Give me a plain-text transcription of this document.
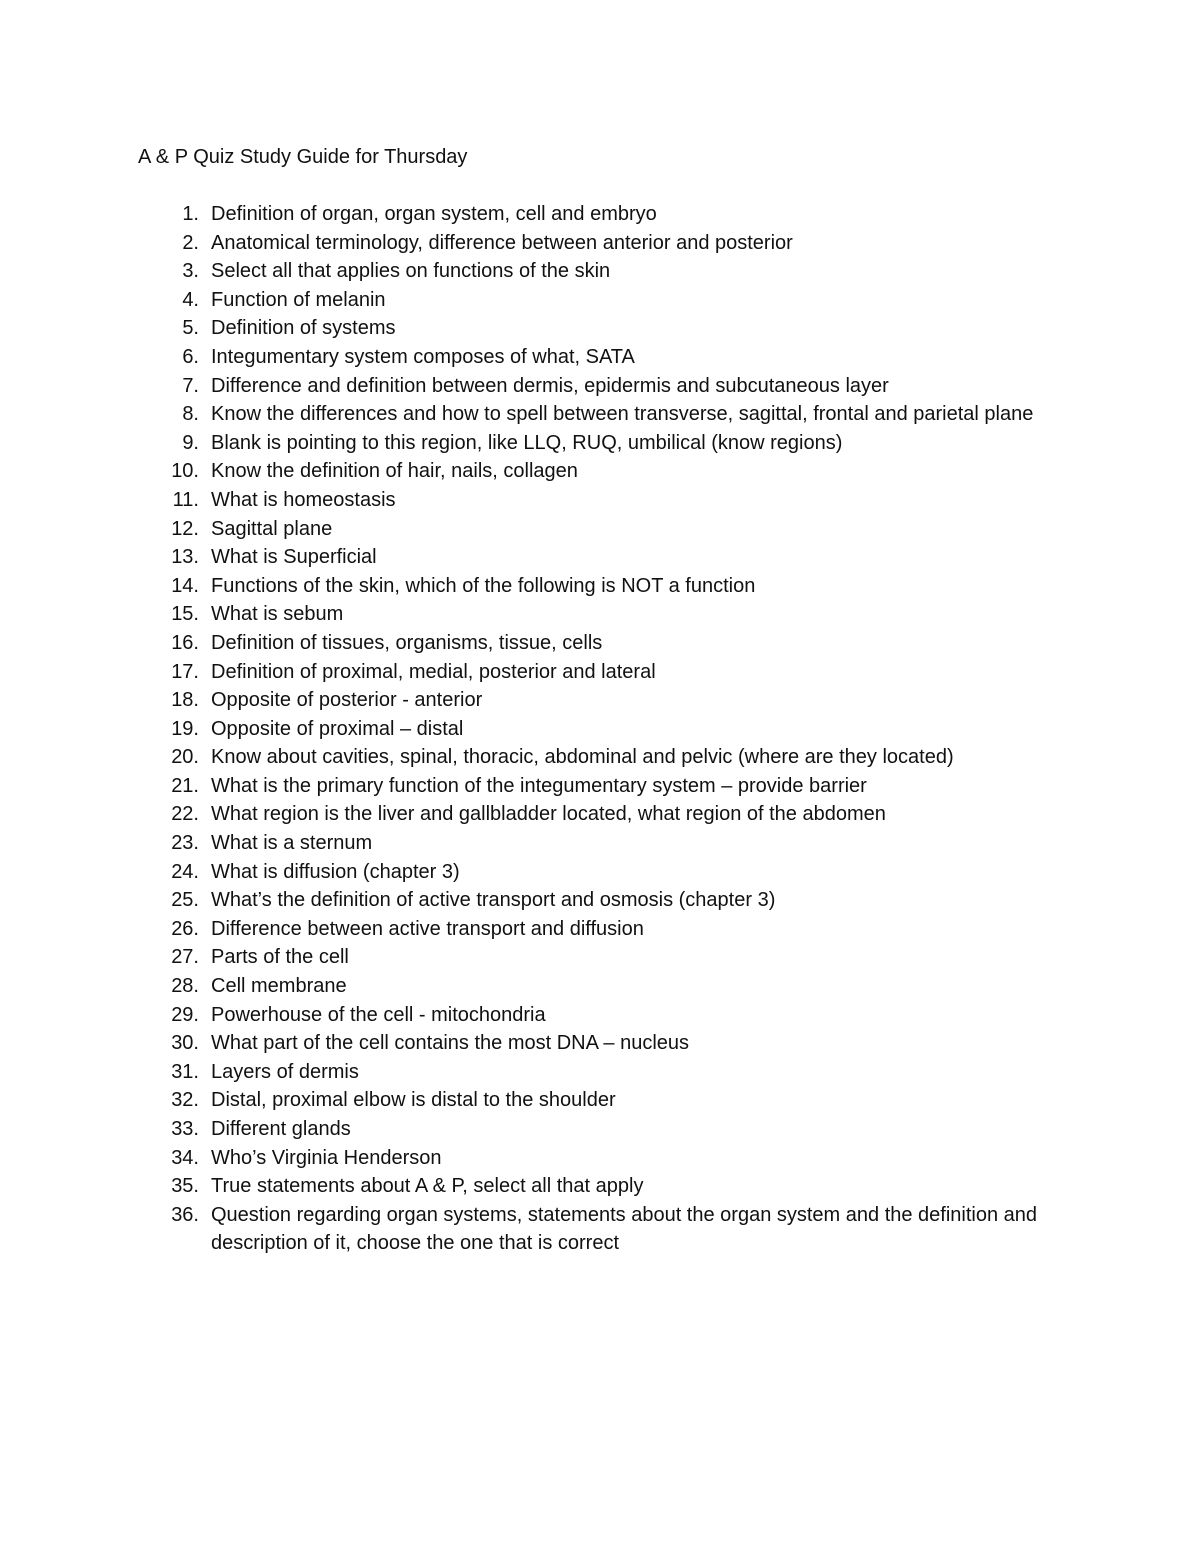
A & P Quiz Study Guide for Thursday
1. Definition of organ, organ system, cell and embryo
2. Anatomical terminology, difference between anterior and posterior
3. Select all that applies on functions of the skin
4. Function of melanin
5. Definition of systems
6. Integumentary system composes of what, SATA
7. Difference and definition between dermis, epidermis and subcutaneous layer
8. Know the differences and how to spell between transverse, sagittal, frontal and parietal plane
9. Blank is pointing to this region, like LLQ, RUQ, umbilical (know regions)
10. Know the definition of hair, nails, collagen
11. What is homeostasis
12. Sagittal plane
13. What is Superficial
14. Functions of the skin, which of the following is NOT a function
15. What is sebum
16. Definition of tissues, organisms, tissue, cells
17. Definition of proximal, medial, posterior and lateral
18. Opposite of posterior - anterior
19. Opposite of proximal – distal
20. Know about cavities, spinal, thoracic, abdominal and pelvic (where are they located)
21. What is the primary function of the integumentary system – provide barrier
22. What region is the liver and gallbladder located, what region of the abdomen
23. What is a sternum
24. What is diffusion (chapter 3)
25. What’s the definition of active transport and osmosis (chapter 3)
26. Difference between active transport and diffusion
27. Parts of the cell
28. Cell membrane
29. Powerhouse of the cell - mitochondria
30. What part of the cell contains the most DNA – nucleus
31. Layers of dermis
32. Distal, proximal elbow is distal to the shoulder
33. Different glands
34. Who’s Virginia Henderson
35. True statements about A & P, select all that apply
36. Question regarding organ systems, statements about the organ system and the definition and description of it, choose the one that is correct
